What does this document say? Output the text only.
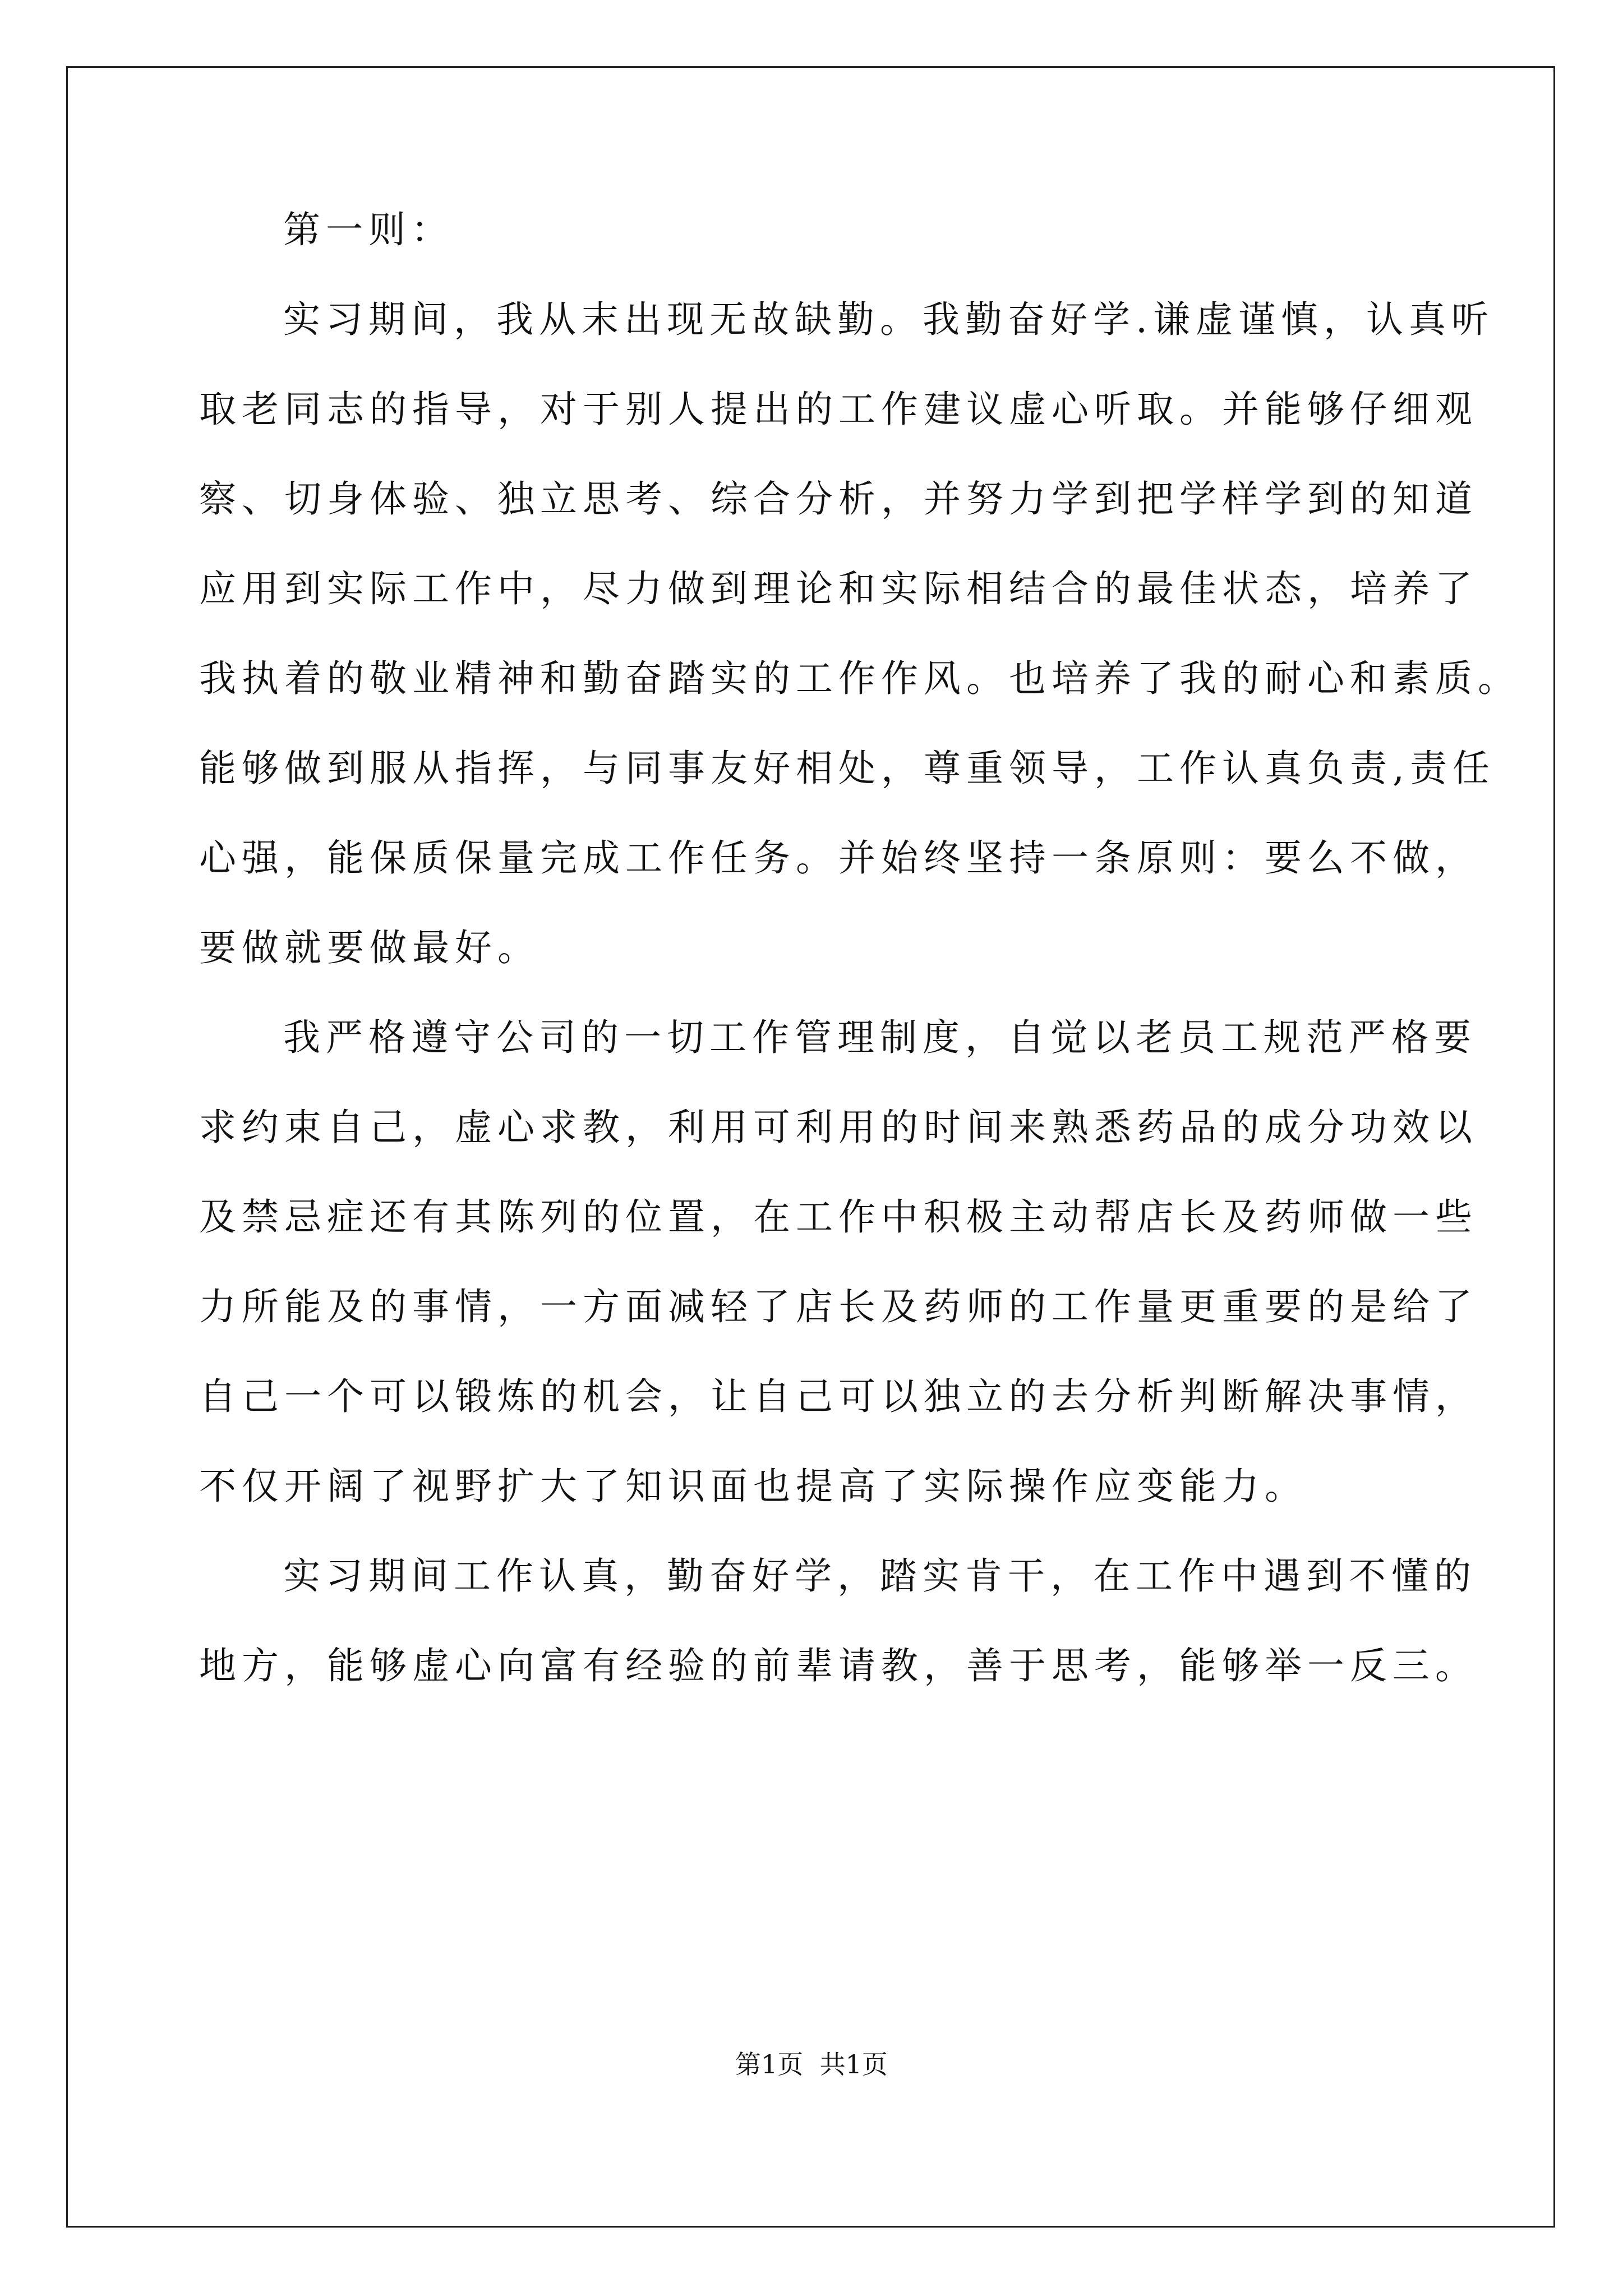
第一则：
实习期间，我从末出现无故缺勤。我勤奋好学.谦虚谨慎，认真听
取老同志的指导，对于别人提出的工作建议虚心听取。并能够仔细观
察、切身体验、独立思考、综合分析，并努力学到把学样学到的知道
应用到实际工作中，尽力做到理论和实际相结合的最佳状态，培养了
我执着的敬业精神和勤奋踏实的工作作风。也培养了我的耐心和素质。
能够做到服从指挥，与同事友好相处，尊重领导，工作认真负责,责任
心强，能保质保量完成工作任务。并始终坚持一条原则：要么不做，
要做就要做最好。
我严格遵守公司的一切工作管理制度，自觉以老员工规范严格要
求约束自己，虚心求教，利用可利用的时间来熟悉药品的成分功效以
及禁忌症还有其陈列的位置，在工作中积极主动帮店长及药师做一些
力所能及的事情，一方面减轻了店长及药师的工作量更重要的是给了
自己一个可以锻炼的机会，让自己可以独立的去分析判断解决事情，
不仅开阔了视野扩大了知识面也提高了实际操作应变能力。
实习期间工作认真，勤奋好学，踏实肯干，在工作中遇到不懂的
地方，能够虚心向富有经验的前辈请教，善于思考，能够举一反三。
第1页  共1页
